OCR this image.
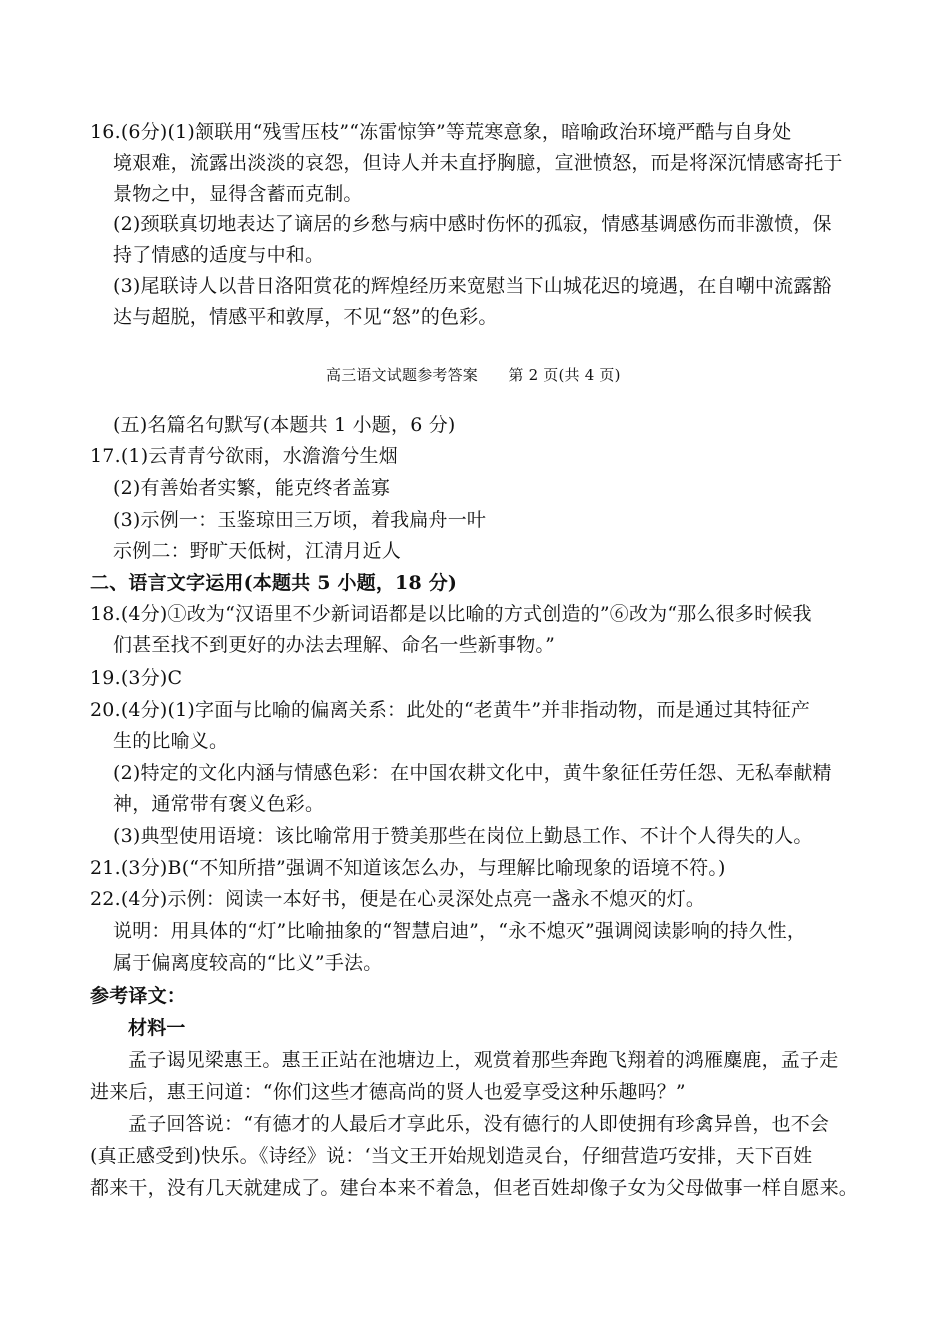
16.(6分)(1)颔联用“残雪压枝”“冻雷惊笋”等荒寒意象，暗喻政治环境严酷与自身处
境艰难，流露出淡淡的哀怨，但诗人并未直抒胸臆，宣泄愤怒，而是将深沉情感寄托于
景物之中，显得含蓄而克制。
(2)颈联真切地表达了谪居的乡愁与病中感时伤怀的孤寂，情感基调感伤而非激愤，保
持了情感的适度与中和。
(3)尾联诗人以昔日洛阳赏花的辉煌经历来宽慰当下山城花迟的境遇，在自嘲中流露豁
达与超脱，情感平和敦厚，不见“怒”的色彩。
高三语文试题参考答案　　第 2 页(共 4 页)
(五)名篇名句默写(本题共 1 小题，6 分)
17.(1)云青青兮欲雨，水澹澹兮生烟
(2)有善始者实繁，能克终者盖寡
(3)示例一：玉鉴琼田三万顷，着我扁舟一叶
示例二：野旷天低树，江清月近人
二、语言文字运用(本题共 5 小题，18 分)
18.(4分)①改为“汉语里不少新词语都是以比喻的方式创造的”⑥改为“那么很多时候我
们甚至找不到更好的办法去理解、命名一些新事物。”
19.(3分)C
20.(4分)(1)字面与比喻的偏离关系：此处的“老黄牛”并非指动物，而是通过其特征产
生的比喻义。
(2)特定的文化内涵与情感色彩：在中国农耕文化中，黄牛象征任劳任怨、无私奉献精
神，通常带有褒义色彩。
(3)典型使用语境：该比喻常用于赞美那些在岗位上勤恳工作、不计个人得失的人。
21.(3分)B(“不知所措”强调不知道该怎么办，与理解比喻现象的语境不符。)
22.(4分)示例：阅读一本好书，便是在心灵深处点亮一盏永不熄灭的灯。
说明：用具体的“灯”比喻抽象的“智慧启迪”，“永不熄灭”强调阅读影响的持久性，
属于偏离度较高的“比义”手法。
参考译文：
材料一
孟子谒见梁惠王。惠王正站在池塘边上，观赏着那些奔跑飞翔着的鸿雁麋鹿，孟子走
进来后，惠王问道：“你们这些才德高尚的贤人也爱享受这种乐趣吗？”
孟子回答说：“有德才的人最后才享此乐，没有德行的人即使拥有珍禽异兽，也不会
(真正感受到)快乐。《诗经》说：‘当文王开始规划造灵台，仔细营造巧安排，天下百姓
都来干，没有几天就建成了。建台本来不着急，但老百姓却像子女为父母做事一样自愿来。
